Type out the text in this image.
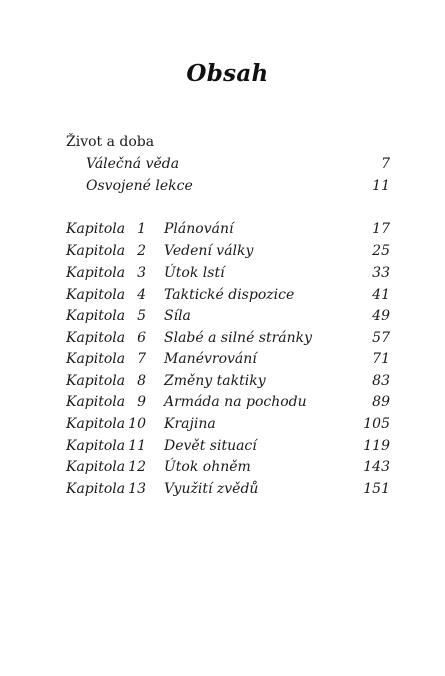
Obsah
Život a doba
Válečná věda	7
Osvojené lekce	11
Kapitola 1 Plánování	17
Kapitola 2 Vedení války	25
Kapitola 3 Útok lstí	33
Kapitola 4 Taktické dispozice	41
Kapitola 5 Síla	49
Kapitola 6 Slabé a silné stránky	57
Kapitola 7 Manévrování	71
Kapitola 8 Změny taktiky	83
Kapitola 9 Armáda na pochodu	89
Kapitola 10 Krajina	105
Kapitola 11 Devět situací	119
Kapitola 12 Útok ohněm	143
Kapitola 13 Využití zvědů	151
